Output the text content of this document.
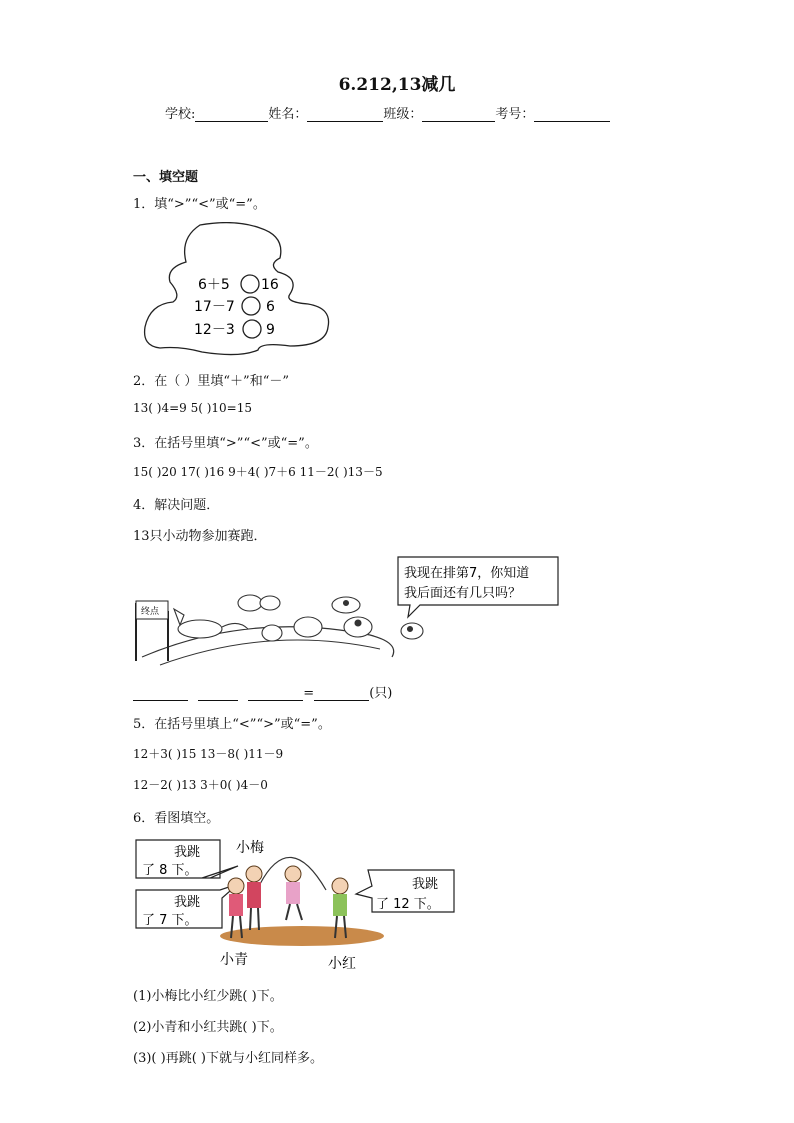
6.212,13减几
学校:	姓名：	班级：	考号：
一、填空题
1．填“>”“<”或“=”。
6＋5 16
17－7 6
12－3 9
2．在（ ）里填“＋”和“－”
13( )4=9 5( )10=15
3．在括号里填“>”“<”或“=”。
15( )20 17( )16 9＋4( )7＋6 11－2( )13－5
4．解决问题．
13只小动物参加赛跑．
我现在排第7，你知道
我后面还有几只吗？
终点
=	(只)
5．在括号里填上“<”“>”或“=”。
12＋3( )15 13－8( )11－9
12－2( )13 3＋0( )4－0
6．看图填空。
我跳
了 8 下。
我跳
了 7 下。
我跳
了 12 下。
小梅
小青	小红
(1)小梅比小红少跳( )下。
(2)小青和小红共跳( )下。
(3)( )再跳( )下就与小红同样多。
